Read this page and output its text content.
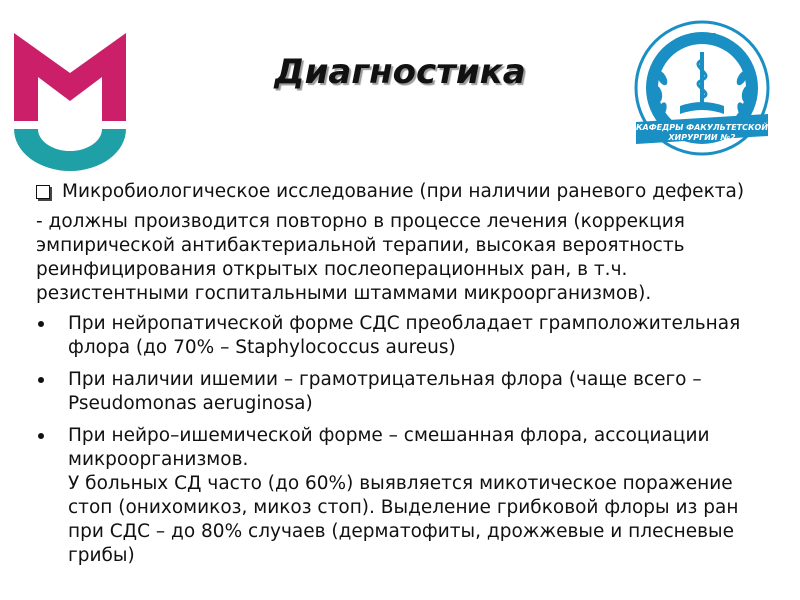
Диагностика
-СНК-
КАФЕДРЫ ФАКУЛЬТЕТСКОЙ
ХИРУРГИИ №2
Микробиологическое исследование (при наличии раневого дефекта)

- должны производится повторно в процессе лечения (коррекция эмпирической антибактериальной терапии, высокая вероятность реинфицирования открытых послеоперационных ран, в т.ч. резистентными госпитальными штаммами микроорганизмов).

При нейропатической форме СДС преобладает грамположительная флора (до 70% – Staphylococcus aureus)
При наличии ишемии – грамотрицательная флора (чаще всего – Pseudomonas aeruginosa)
При нейро–ишемической форме – смешанная флора, ассоциации микроорганизмов.
У больных СД часто (до 60%) выявляется микотическое поражение стоп (онихомикоз, микоз стоп). Выделение грибковой флоры из ран при СДС – до 80% случаев (дерматофиты, дрожжевые и плесневые грибы)
